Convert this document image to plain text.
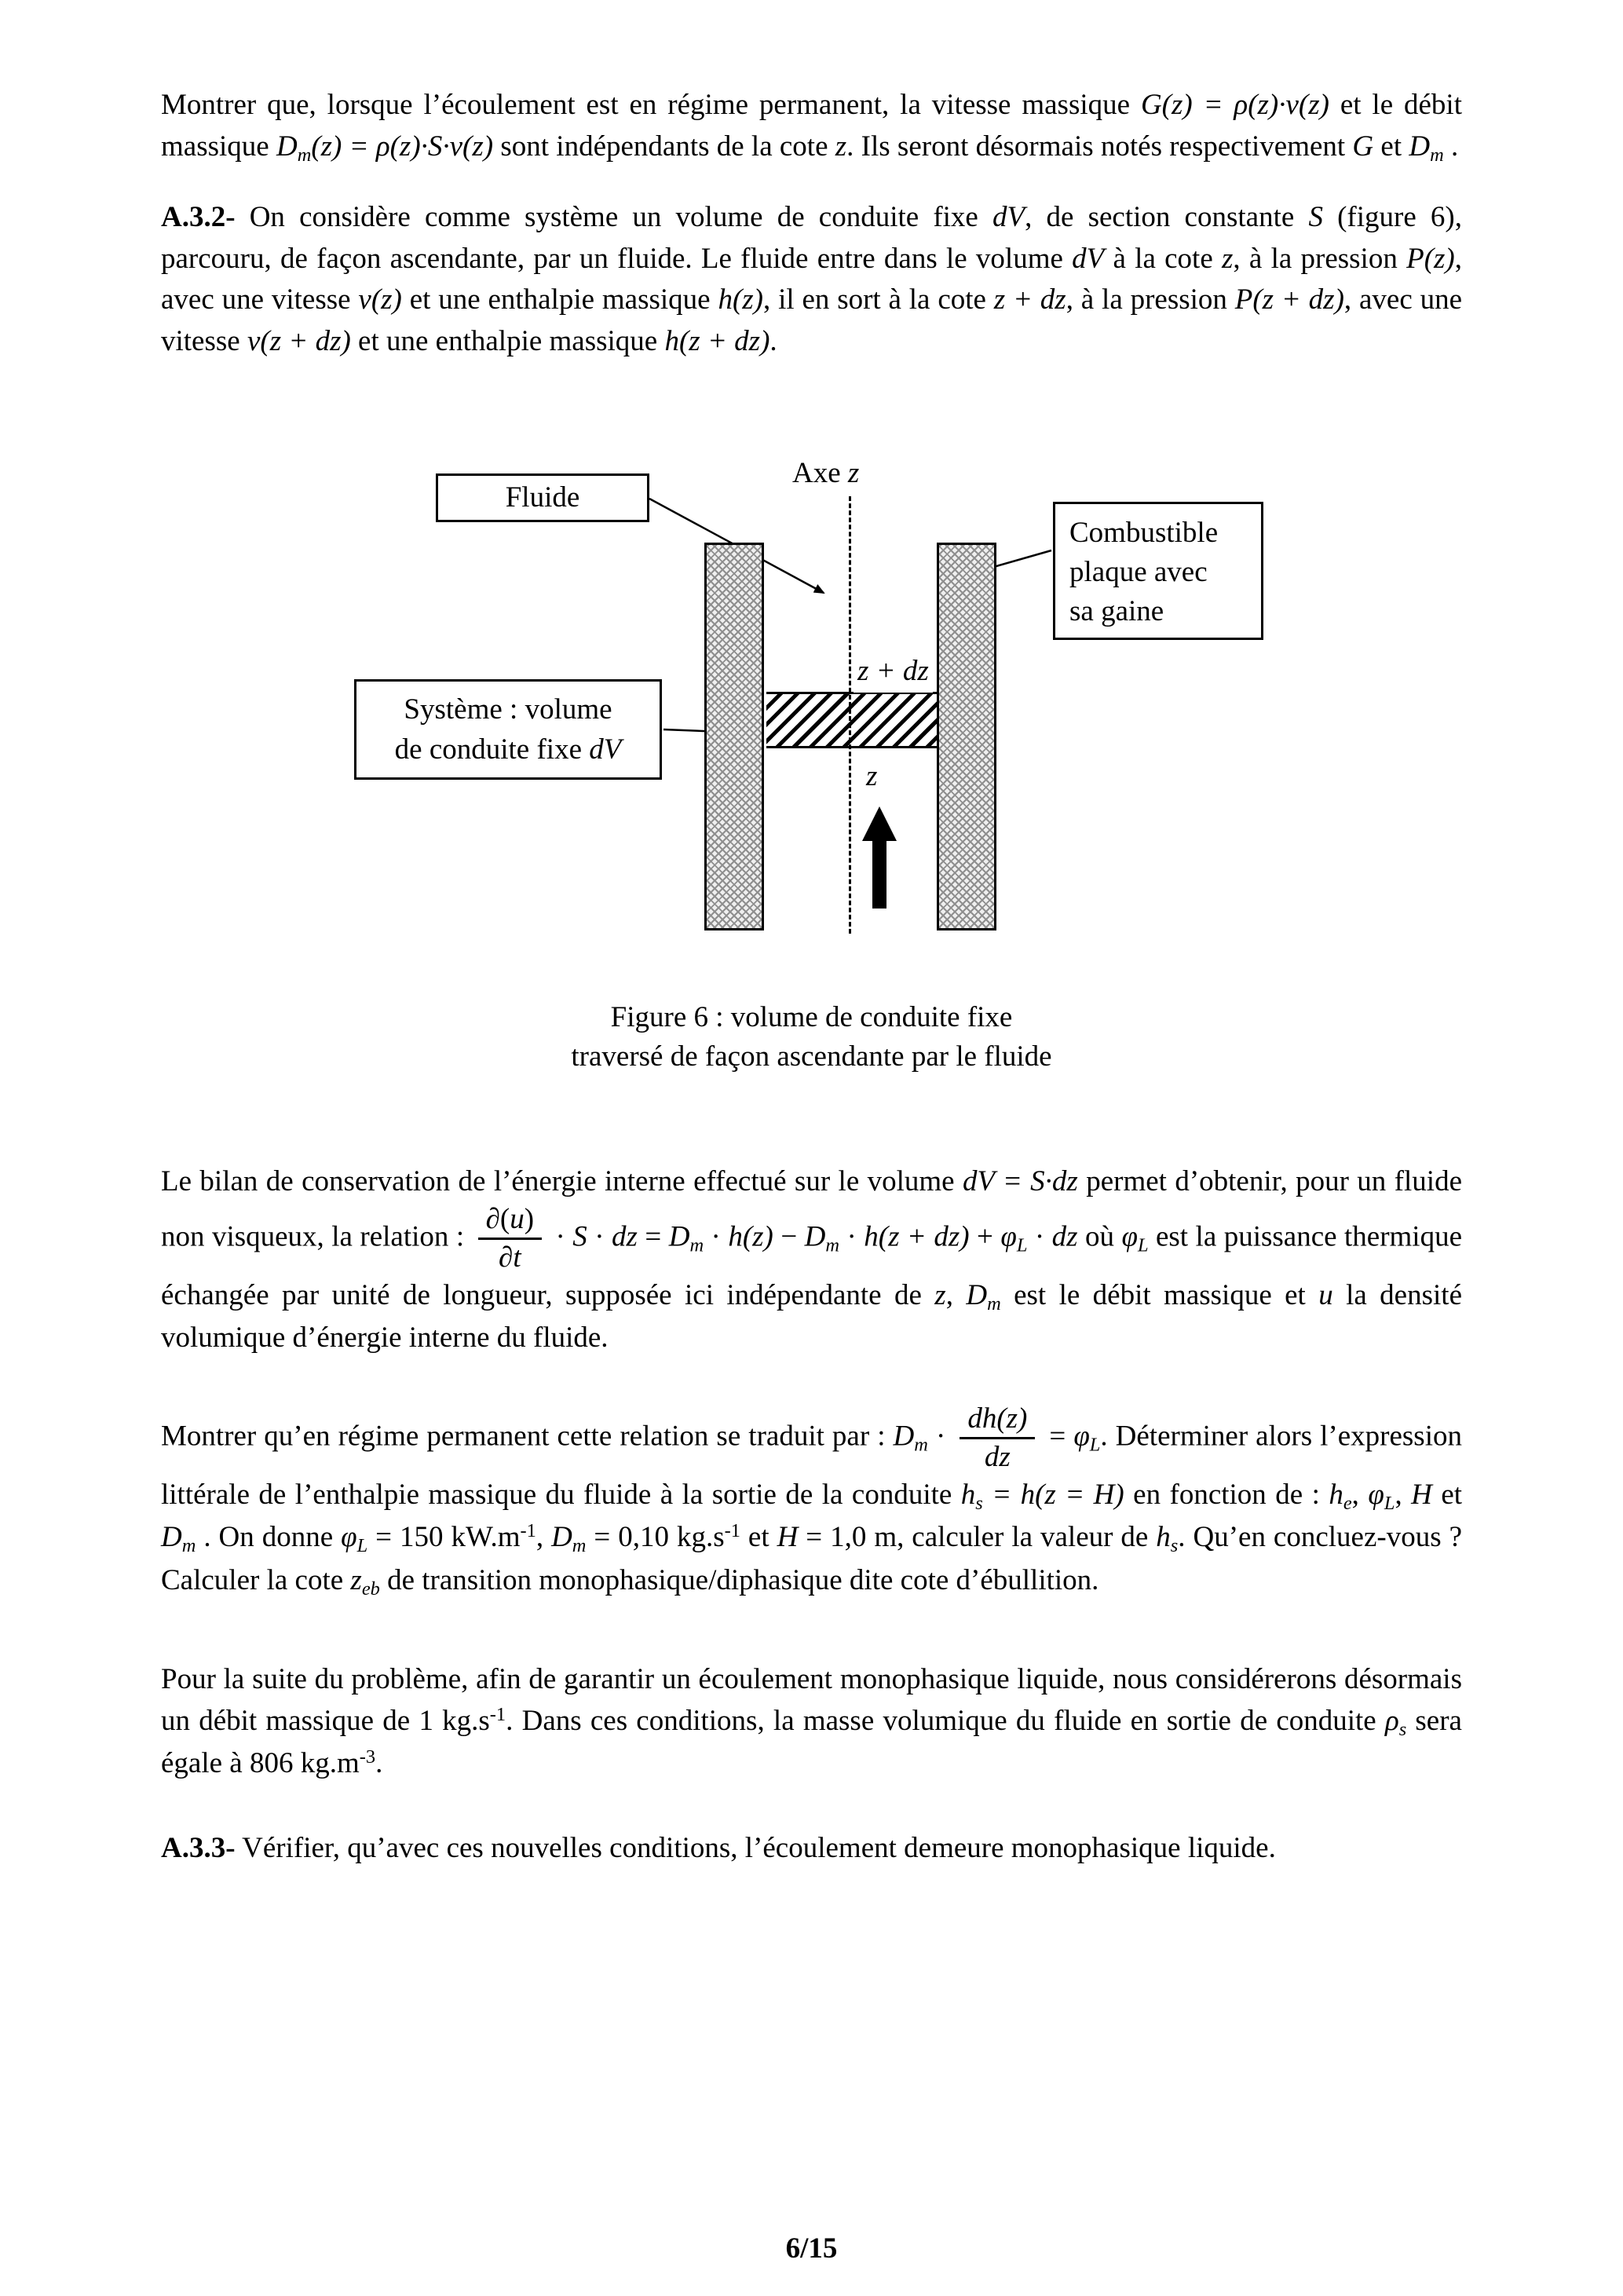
Montrer que, lorsque l’écoulement est en régime permanent, la vitesse massique G(z) = ρ(z)·v(z) et le débit massique Dm(z) = ρ(z)·S·v(z) sont indépendants de la cote z. Ils seront désormais notés respectivement G et Dm .

A.3.2- On considère comme système un volume de conduite fixe dV, de section constante S (figure 6), parcouru, de façon ascendante, par un fluide. Le fluide entre dans le volume dV à la cote z, à la pression P(z), avec une vitesse v(z) et une enthalpie massique h(z), il en sort à la cote z + dz, à la pression P(z + dz), avec une vitesse v(z + dz) et une enthalpie massique h(z + dz).

Axe z
z + dz
z
Fluide
Combustible
plaque avec
sa gaine
Système : volume
de conduite fixe dV
Figure 6 : volume de conduite fixe
traversé de façon ascendante par le fluide

Le bilan de conservation de l’énergie interne effectué sur le volume dV = S·dz permet d’obtenir, pour un fluide non visqueux, la relation : $\frac{\partial(u)}{\partial t} \cdot S$ · dz = Dm · h(z) − Dm · h(z + dz) + φL · dz où φL est la puissance thermique échangée par unité de longueur, supposée ici indépendante de z, Dm est le débit massique et u la densité volumique d’énergie interne du fluide.

Montrer qu’en régime permanent cette relation se traduit par : $Dm \cdot \frac{dh(z)}{dz} = \varphi L$. Déterminer alors l’expression littérale de l’enthalpie massique du fluide à la sortie de la conduite hs = h(z = H) en fonction de : he, φL, H et Dm . On donne φL = 150 $kW.m^{-1}$, Dm = 0,10 $kg.s^{-1}$ et H = 1,0 m, calculer la valeur de hs. Qu’en concluez-vous ? Calculer la cote zeb de transition monophasique/diphasique dite cote d’ébullition.

Pour la suite du problème, afin de garantir un écoulement monophasique liquide, nous considérerons désormais un débit massique de 1 $kg.s^{-1}$. Dans ces conditions, la masse volumique du fluide en sortie de conduite ρs sera égale à 806 $kg.m^{-3}$.

A.3.3- Vérifier, qu’avec ces nouvelles conditions, l’écoulement demeure monophasique liquide.

6/15
